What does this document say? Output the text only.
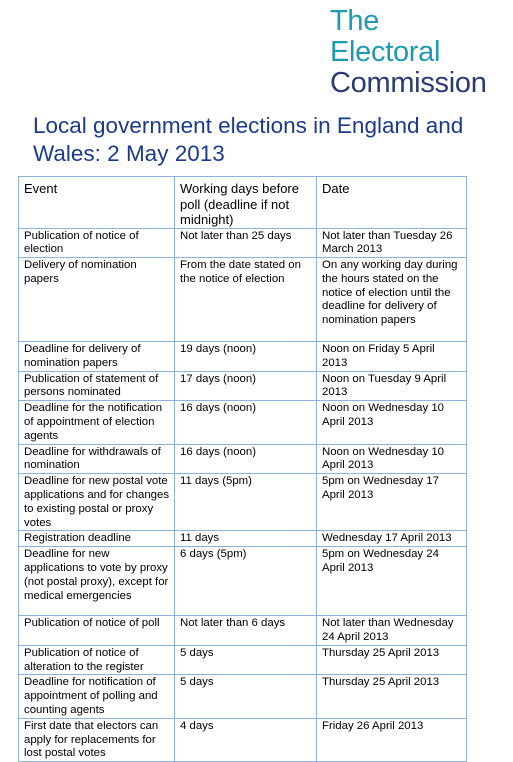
The
Electoral
Commission
Local government elections in England and Wales: 2 May 2013
Event	Working days before poll (deadline if not midnight)	Date
Publication of notice of election	Not later than 25 days	Not later than Tuesday 26 March 2013
Delivery of nomination papers	From the date stated on the notice of election	On any working day during the hours stated on the notice of election until the deadline for delivery of nomination papers
Deadline for delivery of nomination papers	19 days (noon)	Noon on Friday 5 April 2013
Publication of statement of persons nominated	17 days (noon)	Noon on Tuesday 9 April 2013
Deadline for the notification of appointment of election agents	16 days (noon)	Noon on Wednesday 10 April 2013
Deadline for withdrawals of nomination	16 days (noon)	Noon on Wednesday 10 April 2013
Deadline for new postal vote applications and for changes to existing postal or proxy votes	11 days (5pm)	5pm on Wednesday 17 April 2013
Registration deadline	11 days	Wednesday 17 April 2013
Deadline for new applications to vote by proxy (not postal proxy), except for medical emergencies	6 days (5pm)	5pm on Wednesday 24 April 2013
Publication of notice of poll	Not later than 6 days	Not later than Wednesday 24 April 2013
Publication of notice of alteration to the register	5 days	Thursday 25 April 2013
Deadline for notification of appointment of polling and counting agents	5 days	Thursday 25 April 2013
First date that electors can apply for replacements for lost postal votes	4 days	Friday 26 April 2013
